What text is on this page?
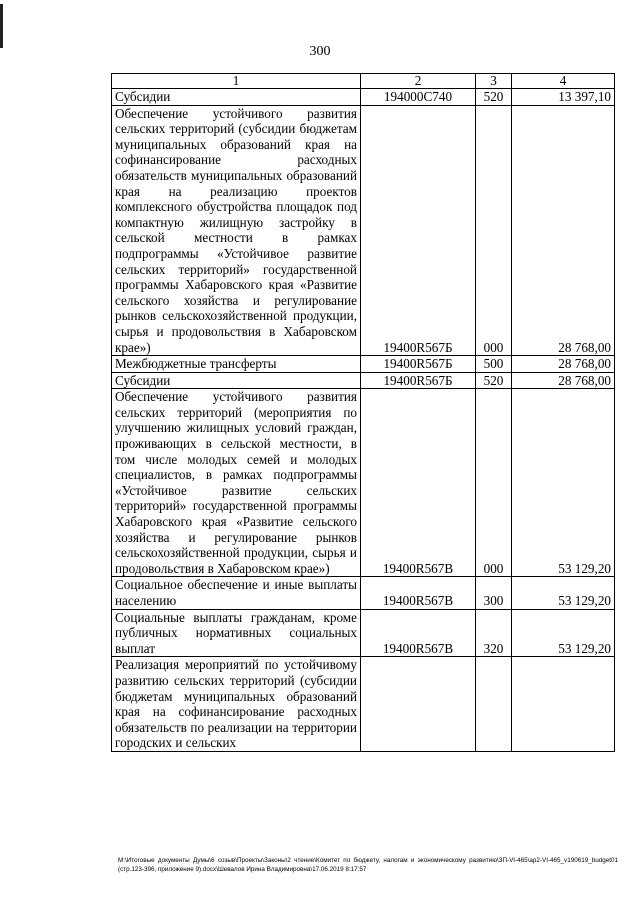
300
1	2	3	4
Субсидии	194000С740	520	13 397,10
Обеспечение устойчивого развития сельских территорий (субсидии бюджетам муниципальных образований края на софинансирование расходных обязательств муниципальных образований края на реализацию проектов комплексного обустройства площадок под компактную жилищную застройку в сельской местности в рамках подпрограммы «Устойчивое развитие сельских территорий» государственной программы Хабаровского края «Развитие сельского хозяйства и регулирование рынков сельскохозяйственной продукции, сырья и продовольствия в Хабаровском крае»)	19400R567Б	000	28 768,00
Межбюджетные трансферты	19400R567Б	500	28 768,00
Субсидии	19400R567Б	520	28 768,00
Обеспечение устойчивого развития сельских территорий (мероприятия по улучшению жилищных условий граждан, проживающих в сельской местности, в том числе молодых семей и молодых специалистов, в рамках подпрограммы «Устойчивое развитие сельских территорий» государственной программы Хабаровского края «Развитие сельского хозяйства и регулирование рынков сельскохозяйственной продукции, сырья и продовольствия в Хабаровском крае»)	19400R567В	000	53 129,20
Социальное обеспечение и иные выплаты населению	19400R567В	300	53 129,20
Социальные выплаты гражданам, кроме публичных нормативных социальных выплат	19400R567В	320	53 129,20
Реализация мероприятий по устойчивому развитию сельских территорий (субсидии бюджетам муниципальных образований края на софинансирование расходных обязательств по реализации на территории городских и сельских			
М:\Итоговые документы Думы\6 созыв\Проекты\Законы\2 чтение\Комитет по бюджету, налогам и экономическому развитию\ЗП-VI-465\ар2-VI-465_v190619_budget01 (стр.123-396, приложение 9).docx\Шевалов Ирина Владимировна\17.06.2019 8:17:57
